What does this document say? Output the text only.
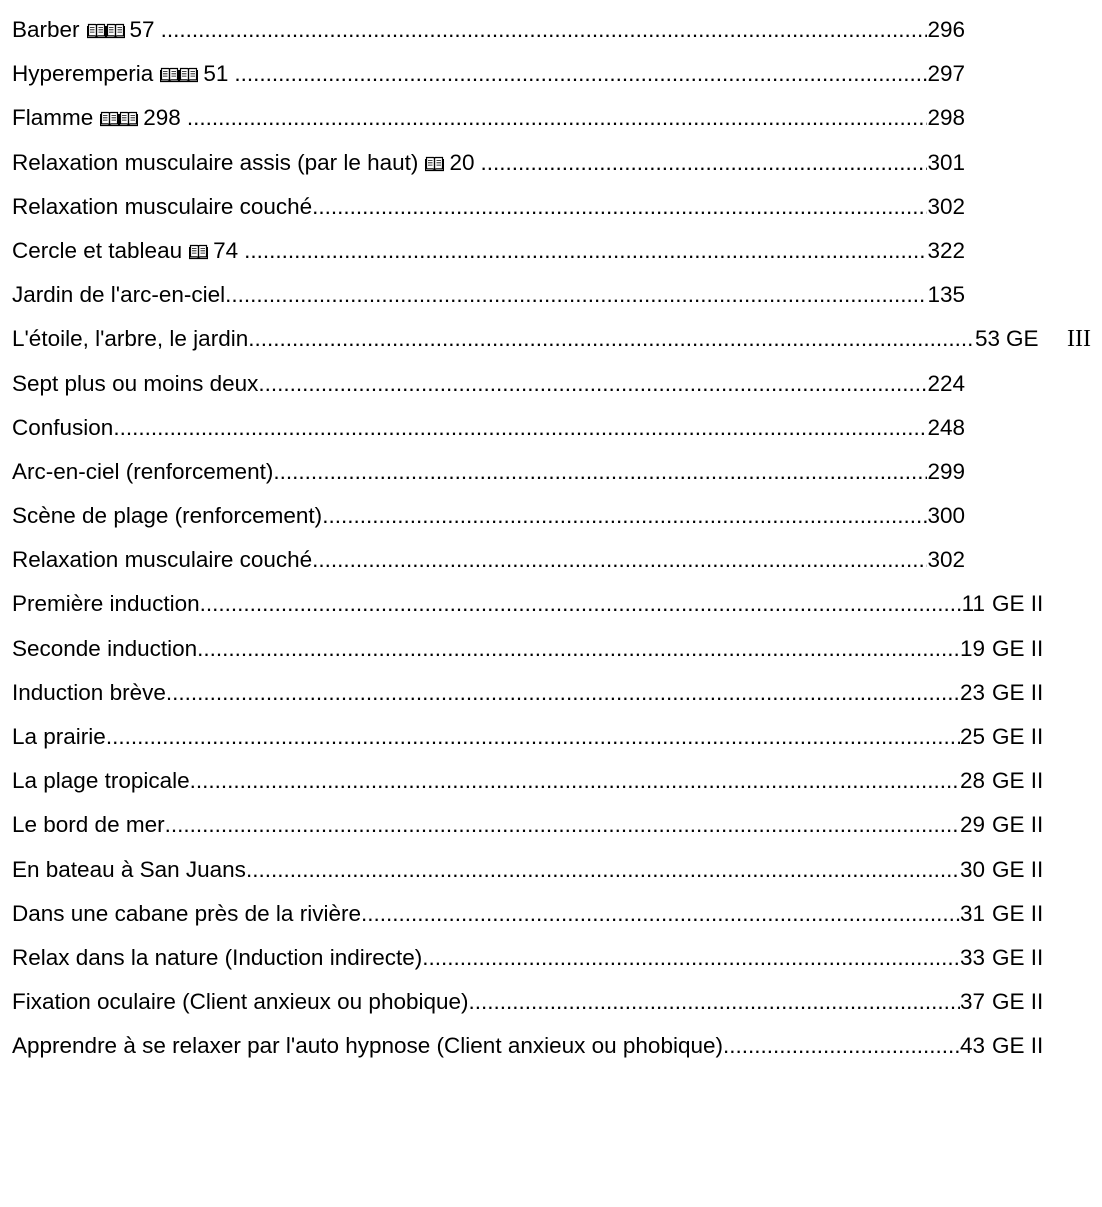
Barber	57 .....	296
Hyperemperia	51 .....	297
Flamme	298 .....	298
Relaxation musculaire assis (par le haut)	20 .....	301
Relaxation musculaire couché .....	302
Cercle et tableau	74 .....	322
Jardin de l'arc-en-ciel .....	135
L'étoile, l'arbre, le jardin .....	53 GE III
Sept plus ou moins deux .....	224
Confusion .....	248
Arc-en-ciel (renforcement) .....	299
Scène de plage (renforcement) .....	300
Relaxation musculaire couché .....	302
Première induction .....	11 GE II
Seconde induction .....	19 GE II
Induction brève .....	23 GE II
La prairie .....	25 GE II
La plage tropicale .....	28 GE II
Le bord de mer .....	29 GE II
En bateau à San Juans .....	30 GE II
Dans une cabane près de la rivière .....	31 GE II
Relax dans la nature (Induction indirecte) .....	33 GE II
Fixation oculaire (Client anxieux ou phobique) .....	37 GE II
Apprendre à se relaxer par l'auto hypnose (Client anxieux ou phobique) .....	43 GE II
